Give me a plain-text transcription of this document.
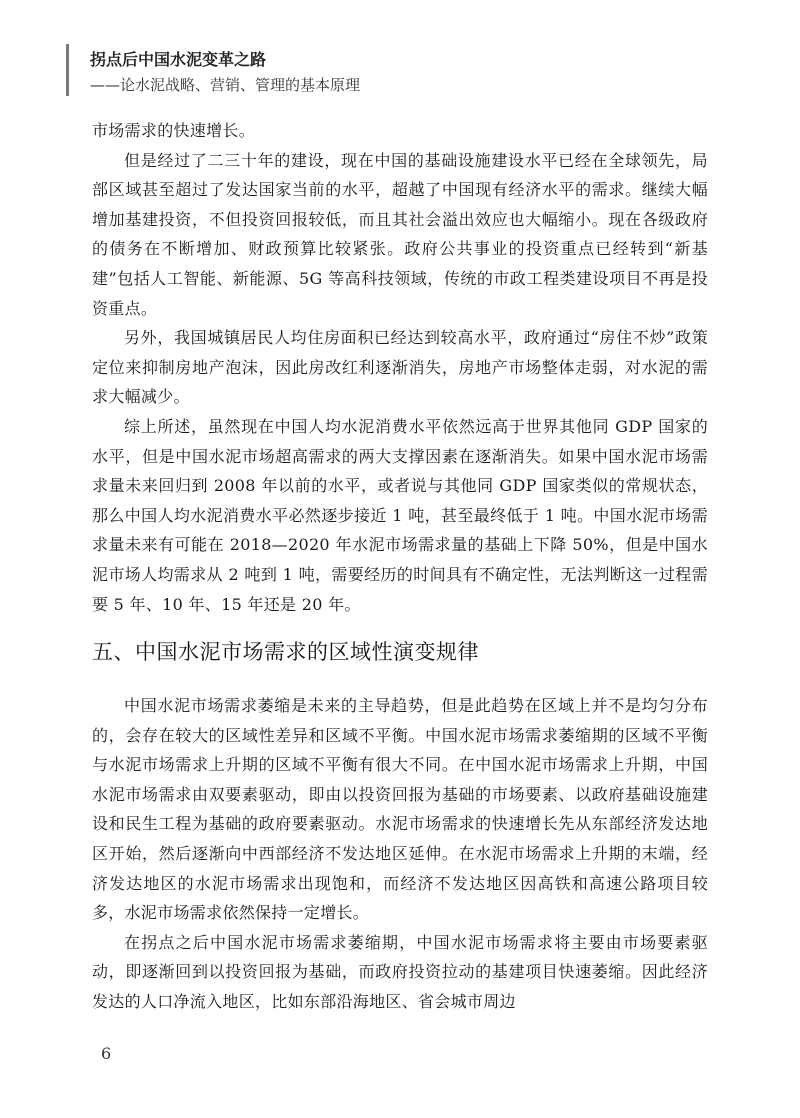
拐点后中国水泥变革之路

——论水泥战略、营销、管理的基本原理

市场需求的快速增长。

但是经过了二三十年的建设，现在中国的基础设施建设水平已经在全球领先，局部区域甚至超过了发达国家当前的水平，超越了中国现有经济水平的需求。继续大幅增加基建投资，不但投资回报较低，而且其社会溢出效应也大幅缩小。现在各级政府的债务在不断增加、财政预算比较紧张。政府公共事业的投资重点已经转到“新基建”包括人工智能、新能源、5G 等高科技领域，传统的市政工程类建设项目不再是投资重点。

另外，我国城镇居民人均住房面积已经达到较高水平，政府通过“房住不炒”政策定位来抑制房地产泡沫，因此房改红利逐渐消失，房地产市场整体走弱，对水泥的需求大幅减少。

综上所述，虽然现在中国人均水泥消费水平依然远高于世界其他同 GDP 国家的水平，但是中国水泥市场超高需求的两大支撑因素在逐渐消失。如果中国水泥市场需求量未来回归到 2008 年以前的水平，或者说与其他同 GDP 国家类似的常规状态，那么中国人均水泥消费水平必然逐步接近 1 吨，甚至最终低于 1 吨。中国水泥市场需求量未来有可能在 2018—2020 年水泥市场需求量的基础上下降 50%，但是中国水泥市场人均需求从 2 吨到 1 吨，需要经历的时间具有不确定性，无法判断这一过程需要 5 年、10 年、15 年还是 20 年。

五、中国水泥市场需求的区域性演变规律

中国水泥市场需求萎缩是未来的主导趋势，但是此趋势在区域上并不是均匀分布的，会存在较大的区域性差异和区域不平衡。中国水泥市场需求萎缩期的区域不平衡与水泥市场需求上升期的区域不平衡有很大不同。在中国水泥市场需求上升期，中国水泥市场需求由双要素驱动，即由以投资回报为基础的市场要素、以政府基础设施建设和民生工程为基础的政府要素驱动。水泥市场需求的快速增长先从东部经济发达地区开始，然后逐渐向中西部经济不发达地区延伸。在水泥市场需求上升期的末端，经济发达地区的水泥市场需求出现饱和，而经济不发达地区因高铁和高速公路项目较多，水泥市场需求依然保持一定增长。

在拐点之后中国水泥市场需求萎缩期，中国水泥市场需求将主要由市场要素驱动，即逐渐回到以投资回报为基础，而政府投资拉动的基建项目快速萎缩。因此经济发达的人口净流入地区，比如东部沿海地区、省会城市周边

6
